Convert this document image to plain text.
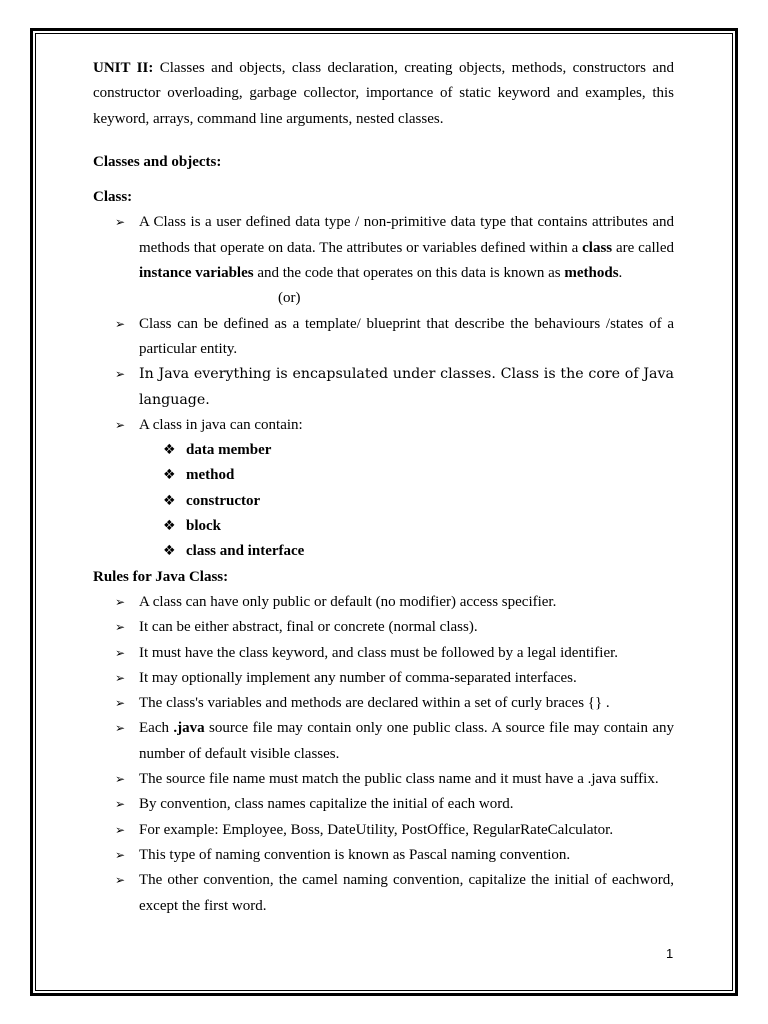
UNIT II: Classes and objects, class declaration, creating objects, methods, constructors and constructor overloading, garbage collector, importance of static keyword and examples, this keyword, arrays, command line arguments, nested classes.

Classes and objects:

Class:

➢ A Class is a user defined data type / non-primitive data type that contains attributes and methods that operate on data. The attributes or variables defined within a class are called instance variables and the code that operates on this data is known as methods.

(or)

➢ Class can be defined as a template/ blueprint that describe the behaviours /states of a particular entity.

➢ In Java everything is encapsulated under classes. Class is the core of Java language.

➢ A class in java can contain:

❖ data member

❖ method

❖ constructor

❖ block

❖ class and interface

Rules for Java Class:

➢ A class can have only public or default (no modifier) access specifier.

➢ It can be either abstract, final or concrete (normal class).

➢ It must have the class keyword, and class must be followed by a legal identifier.

➢ It may optionally implement any number of comma-separated interfaces.

➢ The class's variables and methods are declared within a set of curly braces {} .

➢ Each .java source file may contain only one public class. A source file may contain any number of default visible classes.

➢ The source file name must match the public class name and it must have a .java suffix.

➢ By convention, class names capitalize the initial of each word.

➢ For example: Employee, Boss, DateUtility, PostOffice, RegularRateCalculator.

➢ This type of naming convention is known as Pascal naming convention.

➢ The other convention, the camel naming convention, capitalize the initial of eachword, except the first word.

1
